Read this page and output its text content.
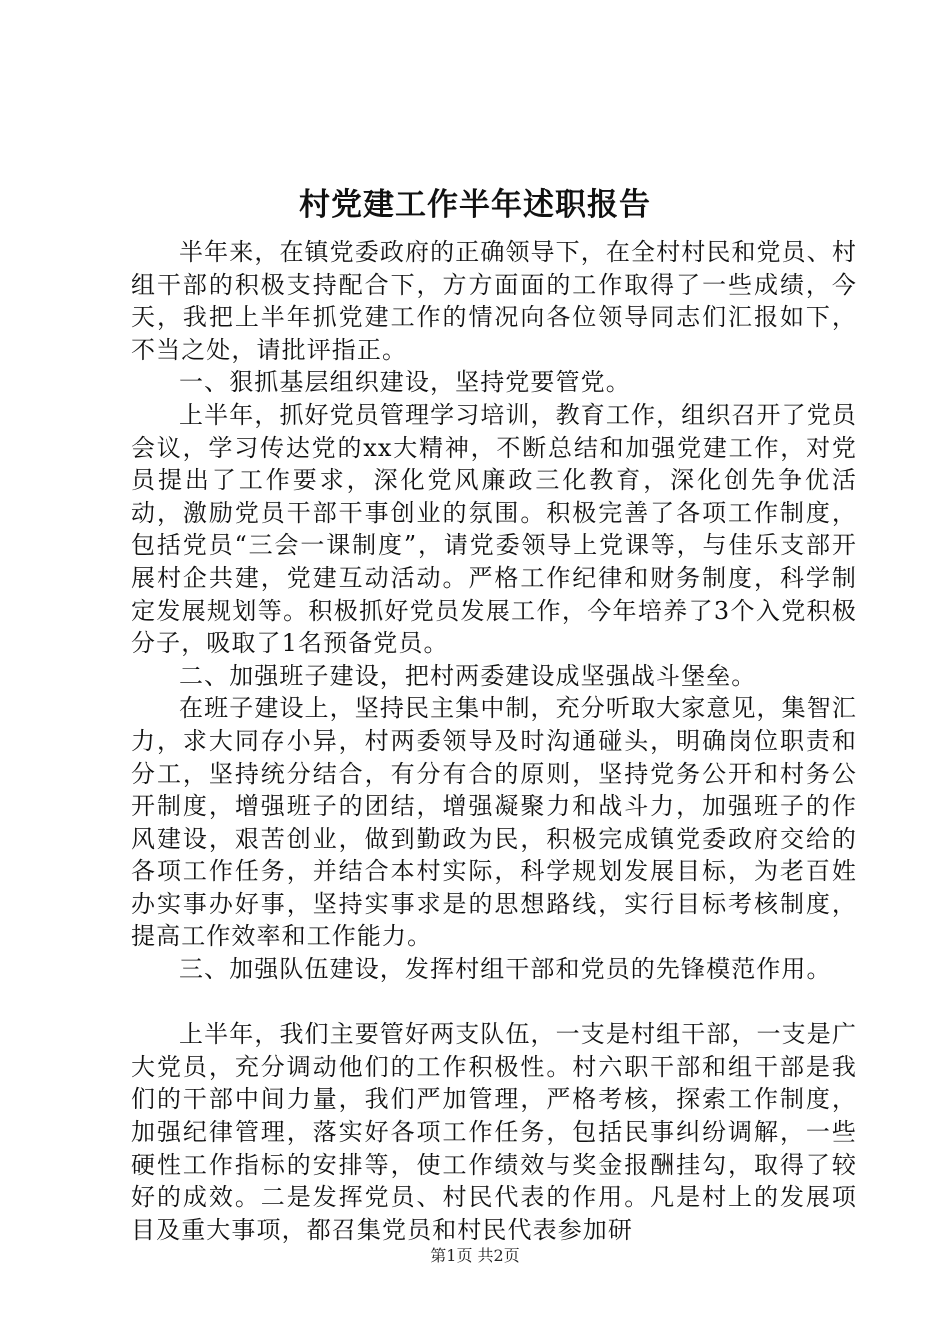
村党建工作半年述职报告

半年来，在镇党委政府的正确领导下，在全村村民和党员、村组干部的积极支持配合下，方方面面的工作取得了一些成绩，今天，我把上半年抓党建工作的情况向各位领导同志们汇报如下，不当之处，请批评指正。

一、狠抓基层组织建设，坚持党要管党。

上半年，抓好党员管理学习培训，教育工作，组织召开了党员会议，学习传达党的xx大精神，不断总结和加强党建工作，对党员提出了工作要求，深化党风廉政三化教育，深化创先争优活动，激励党员干部干事创业的氛围。积极完善了各项工作制度，包括党员“三会一课制度”，请党委领导上党课等，与佳乐支部开展村企共建，党建互动活动。严格工作纪律和财务制度，科学制定发展规划等。积极抓好党员发展工作，今年培养了3个入党积极分子，吸取了1名预备党员。

二、加强班子建设，把村两委建设成坚强战斗堡垒。

在班子建设上，坚持民主集中制，充分听取大家意见，集智汇力，求大同存小异，村两委领导及时沟通碰头，明确岗位职责和分工，坚持统分结合，有分有合的原则，坚持党务公开和村务公开制度，增强班子的团结，增强凝聚力和战斗力，加强班子的作风建设，艰苦创业，做到勤政为民，积极完成镇党委政府交给的各项工作任务，并结合本村实际，科学规划发展目标，为老百姓办实事办好事，坚持实事求是的思想路线，实行目标考核制度，提高工作效率和工作能力。

三、加强队伍建设，发挥村组干部和党员的先锋模范作用。

上半年，我们主要管好两支队伍，一支是村组干部，一支是广大党员，充分调动他们的工作积极性。村六职干部和组干部是我们的干部中间力量，我们严加管理，严格考核，探索工作制度，加强纪律管理，落实好各项工作任务，包括民事纠纷调解，一些硬性工作指标的安排等，使工作绩效与奖金报酬挂勾，取得了较好的成效。二是发挥党员、村民代表的作用。凡是村上的发展项目及重大事项，都召集党员和村民代表参加研

第1页 共2页
